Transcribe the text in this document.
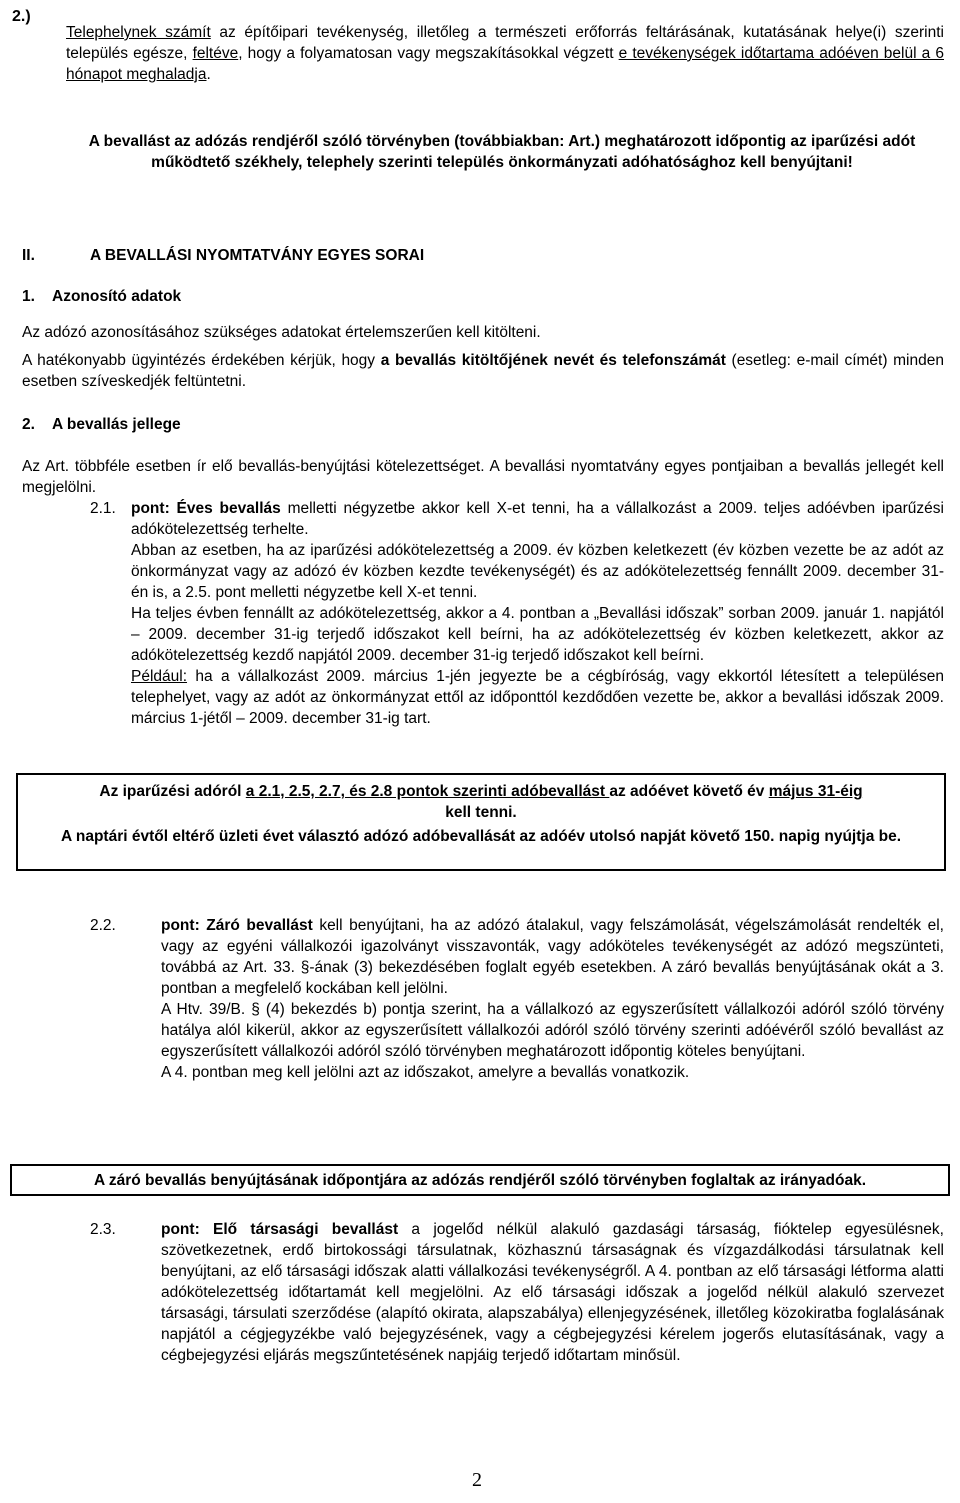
2.)

Telephelynek számít az építőipari tevékenység, illetőleg a természeti erőforrás feltárásának, kutatásának helye(i) szerinti település egésze, feltéve, hogy a folyamatosan vagy megszakításokkal végzett e tevékenységek időtartama adóéven belül a 6 hónapot meghaladja.

A bevallást az adózás rendjéről szóló törvényben (továbbiakban: Art.) meghatározott időpontig az iparűzési adót működtető székhely, telephely szerinti település önkormányzati adóhatósághoz kell benyújtani!

II.	A BEVALLÁSI NYOMTATVÁNY EGYES SORAI
1. Azonosító adatok

Az adózó azonosításához szükséges adatokat értelemszerűen kell kitölteni.

A hatékonyabb ügyintézés érdekében kérjük, hogy a bevallás kitöltőjének nevét és telefonszámát (esetleg: e-mail címét) minden esetben szíveskedjék feltüntetni.

2. A bevallás jellege

Az Art. többféle esetben ír elő bevallás-benyújtási kötelezettséget. A bevallási nyomtatvány egyes pontjaiban a bevallás jellegét kell megjelölni.

2.1. pont: Éves bevallás melletti négyzetbe akkor kell X-et tenni, ha a vállalkozást a 2009. teljes adóévben iparűzési adókötelezettség terhelte.

Abban az esetben, ha az iparűzési adókötelezettség a 2009. év közben keletkezett (év közben vezette be az adót az önkormányzat vagy az adózó év közben kezdte tevékenységét) és az adókötelezettség fennállt 2009. december 31-én is, a 2.5. pont melletti négyzetbe kell X-et tenni.

Ha teljes évben fennállt az adókötelezettség, akkor a 4. pontban a „Bevallási időszak” sorban 2009. január 1. napjától – 2009. december 31-ig terjedő időszakot kell beírni, ha az adókötelezettség év közben keletkezett, akkor az adókötelezettség kezdő napjától 2009. december 31-ig terjedő időszakot kell beírni.

Például: ha a vállalkozást 2009. március 1-jén jegyezte be a cégbíróság, vagy ekkortól létesített a településen telephelyet, vagy az adót az önkormányzat ettől az időponttól kezdődően vezette be, akkor a bevallási időszak 2009. március 1-jétől – 2009. december 31-ig tart.

Az iparűzési adóról a 2.1, 2.5, 2.7, és 2.8 pontok szerinti adóbevallást az adóévet követő év május 31-éig
kell tenni.
A naptári évtől eltérő üzleti évet választó adózó adóbevallását az adóév utolsó napját követő 150. napig nyújtja be.
2.2.	pont: Záró bevallást kell benyújtani, ha az adózó átalakul, vagy felszámolását, végelszámolását rendelték el, vagy az egyéni vállalkozói igazolványt visszavonták, vagy adóköteles tevékenységét az adózó megszünteti, továbbá az Art. 33. §-ának (3) bekezdésében foglalt egyéb esetekben. A záró bevallás benyújtásának okát a 3. pontban a megfelelő kockában kell jelölni.

A Htv. 39/B. § (4) bekezdés b) pontja szerint, ha a vállalkozó az egyszerűsített vállalkozói adóról szóló törvény hatálya alól kikerül, akkor az egyszerűsített vállalkozói adóról szóló törvény szerinti adóévéről szóló bevallást az egyszerűsített vállalkozói adóról szóló törvényben meghatározott időpontig köteles benyújtani.

A 4. pontban meg kell jelölni azt az időszakot, amelyre a bevallás vonatkozik.

A záró bevallás benyújtásának időpontjára az adózás rendjéről szóló törvényben foglaltak az irányadóak.
2.3.	pont: Elő társasági bevallást a jogelőd nélkül alakuló gazdasági társaság, fióktelep egyesülésnek, szövetkezetnek, erdő birtokossági társulatnak, közhasznú társaságnak és vízgazdálkodási társulatnak kell benyújtani, az elő társasági időszak alatti vállalkozási tevékenységről. A 4. pontban az elő társasági létforma alatti adókötelezettség időtartamát kell megjelölni. Az elő társasági időszak a jogelőd nélkül alakuló szervezet társasági, társulati szerződése (alapító okirata, alapszabálya) ellenjegyzésének, illetőleg közokiratba foglalásának napjától a cégjegyzékbe való bejegyzésének, vagy a cégbejegyzési kérelem jogerős elutasításának, vagy a cégbejegyzési eljárás megszűntetésének napjáig terjedő időtartam minősül.

2
